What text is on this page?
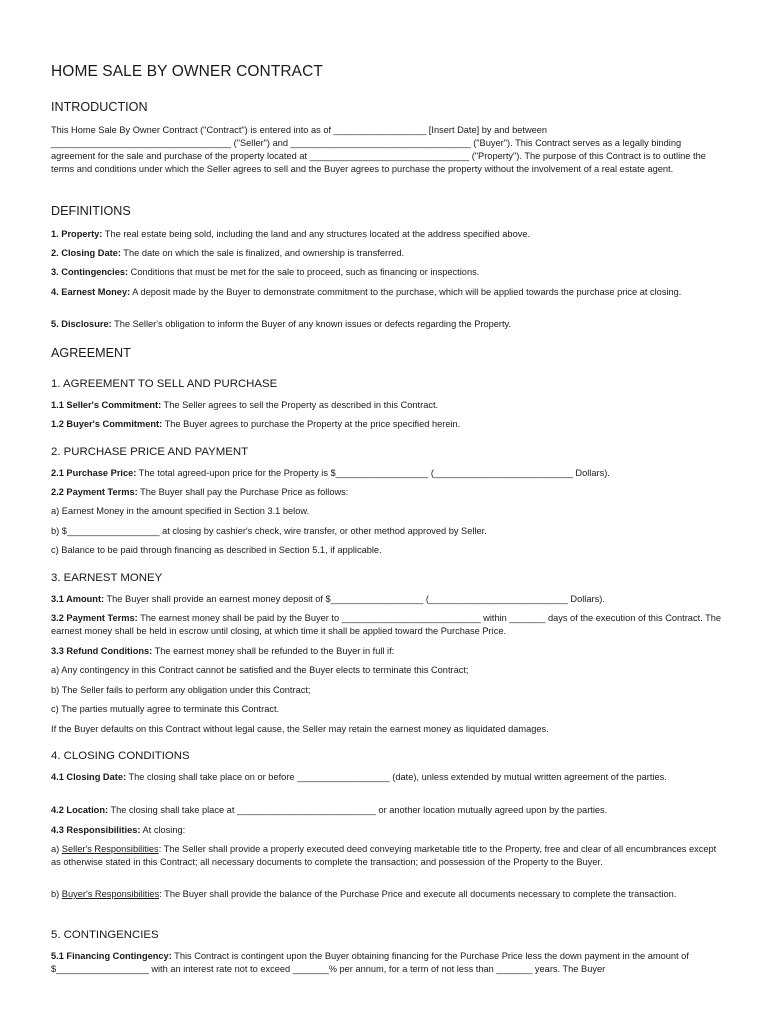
HOME SALE BY OWNER CONTRACT
INTRODUCTION

This Home Sale By Owner Contract ("Contract") is entered into as of __________________ [Insert Date] by and between ___________________________________ ("Seller") and ___________________________________ ("Buyer"). This Contract serves as a legally binding agreement for the sale and purchase of the property located at _______________________________ ("Property"). The purpose of this Contract is to outline the terms and conditions under which the Seller agrees to sell and the Buyer agrees to purchase the property without the involvement of a real estate agent.

DEFINITIONS

1. Property: The real estate being sold, including the land and any structures located at the address specified above.

2. Closing Date: The date on which the sale is finalized, and ownership is transferred.

3. Contingencies: Conditions that must be met for the sale to proceed, such as financing or inspections.

4. Earnest Money: A deposit made by the Buyer to demonstrate commitment to the purchase, which will be applied towards the purchase price at closing.

5. Disclosure: The Seller's obligation to inform the Buyer of any known issues or defects regarding the Property.

AGREEMENT
1. AGREEMENT TO SELL AND PURCHASE

1.1 Seller's Commitment: The Seller agrees to sell the Property as described in this Contract.

1.2 Buyer's Commitment: The Buyer agrees to purchase the Property at the price specified herein.

2. PURCHASE PRICE AND PAYMENT

2.1 Purchase Price: The total agreed-upon price for the Property is $__________________ (___________________________ Dollars).

2.2 Payment Terms: The Buyer shall pay the Purchase Price as follows:

a) Earnest Money in the amount specified in Section 3.1 below.

b) $__________________ at closing by cashier's check, wire transfer, or other method approved by Seller.

c) Balance to be paid through financing as described in Section 5.1, if applicable.

3. EARNEST MONEY

3.1 Amount: The Buyer shall provide an earnest money deposit of $__________________ (___________________________ Dollars).

3.2 Payment Terms: The earnest money shall be paid by the Buyer to ___________________________ within _______ days of the execution of this Contract. The earnest money shall be held in escrow until closing, at which time it shall be applied toward the Purchase Price.

3.3 Refund Conditions: The earnest money shall be refunded to the Buyer in full if:

a) Any contingency in this Contract cannot be satisfied and the Buyer elects to terminate this Contract;

b) The Seller fails to perform any obligation under this Contract;

c) The parties mutually agree to terminate this Contract.

If the Buyer defaults on this Contract without legal cause, the Seller may retain the earnest money as liquidated damages.

4. CLOSING CONDITIONS

4.1 Closing Date: The closing shall take place on or before __________________ (date), unless extended by mutual written agreement of the parties.

4.2 Location: The closing shall take place at ___________________________ or another location mutually agreed upon by the parties.

4.3 Responsibilities: At closing:

a) Seller's Responsibilities: The Seller shall provide a properly executed deed conveying marketable title to the Property, free and clear of all encumbrances except as otherwise stated in this Contract; all necessary documents to complete the transaction; and possession of the Property to the Buyer.

b) Buyer's Responsibilities: The Buyer shall provide the balance of the Purchase Price and execute all documents necessary to complete the transaction.

5. CONTINGENCIES

5.1 Financing Contingency: This Contract is contingent upon the Buyer obtaining financing for the Purchase Price less the down payment in the amount of $__________________ with an interest rate not to exceed _______% per annum, for a term of not less than _______ years. The Buyer
